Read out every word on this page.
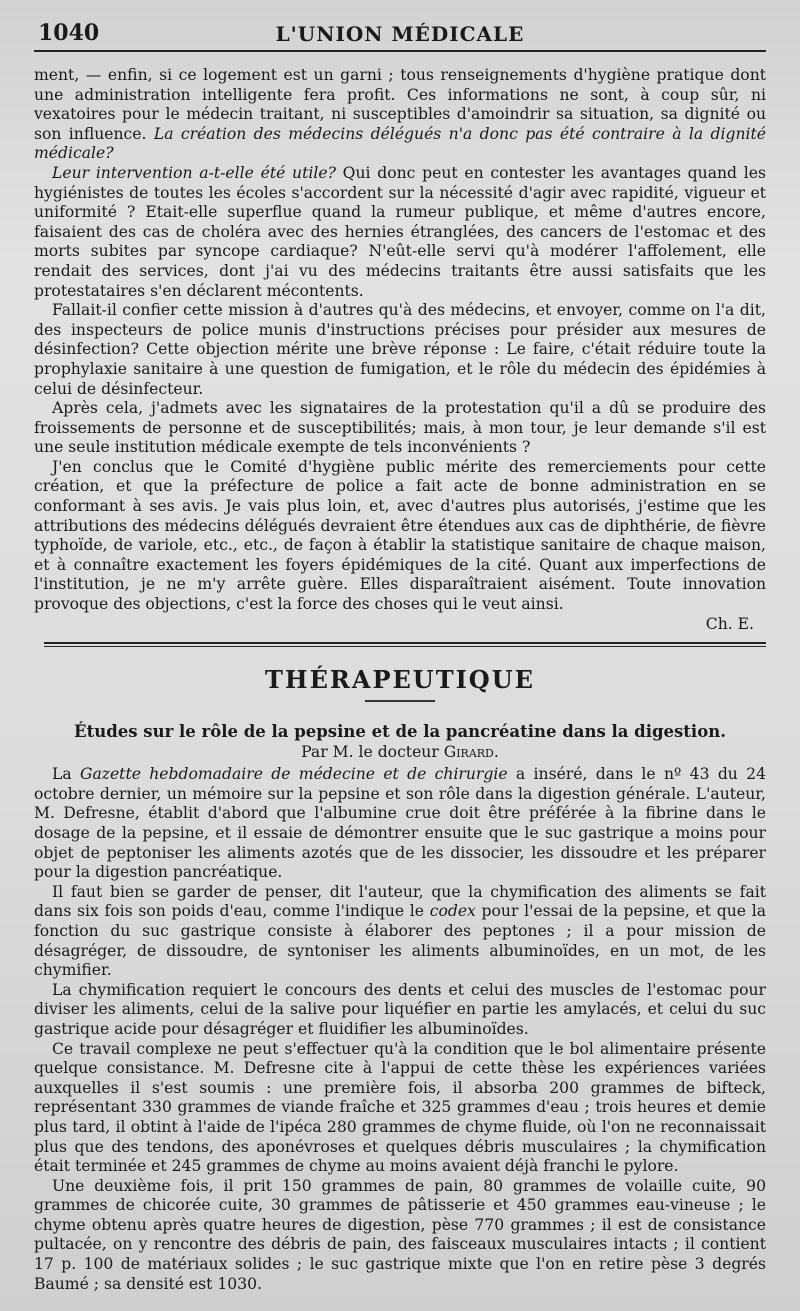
1040	L'UNION MÉDICALE

ment, — enfin, si ce logement est un garni ; tous renseignements d'hygiène pratique dont une administration intelligente fera profit. Ces informations ne sont, à coup sûr, ni vexatoires pour le médecin traitant, ni susceptibles d'amoindrir sa situation, sa dignité ou son influence. La création des médecins délégués n'a donc pas été contraire à la dignité médicale?

Leur intervention a-t-elle été utile? Qui donc peut en contester les avantages quand les hygiénistes de toutes les écoles s'accordent sur la nécessité d'agir avec rapidité, vigueur et uniformité ? Etait-elle superflue quand la rumeur publique, et même d'autres encore, faisaient des cas de choléra avec des hernies étranglées, des cancers de l'estomac et des morts subites par syncope cardiaque? N'eût-elle servi qu'à modérer l'affolement, elle rendait des services, dont j'ai vu des médecins traitants être aussi satisfaits que les protestataires s'en déclarent mécontents.

Fallait-il confier cette mission à d'autres qu'à des médecins, et envoyer, comme on l'a dit, des inspecteurs de police munis d'instructions précises pour présider aux mesures de désinfection? Cette objection mérite une brève réponse : Le faire, c'était réduire toute la prophylaxie sanitaire à une question de fumigation, et le rôle du médecin des épidémies à celui de désinfecteur.

Après cela, j'admets avec les signataires de la protestation qu'il a dû se produire des froissements de personne et de susceptibilités; mais, à mon tour, je leur demande s'il est une seule institution médicale exempte de tels inconvénients ?

J'en conclus que le Comité d'hygiène public mérite des remerciements pour cette création, et que la préfecture de police a fait acte de bonne administration en se conformant à ses avis. Je vais plus loin, et, avec d'autres plus autorisés, j'estime que les attributions des médecins délégués devraient être étendues aux cas de diphthérie, de fièvre typhoïde, de variole, etc., etc., de façon à établir la statistique sanitaire de chaque maison, et à connaître exactement les foyers épidémiques de la cité. Quant aux imperfections de l'institution, je ne m'y arrête guère. Elles disparaîtraient aisément. Toute innovation provoque des objections, c'est la force des choses qui le veut ainsi.

Ch. E.
THÉRAPEUTIQUE
Études sur le rôle de la pepsine et de la pancréatine dans la digestion.
Par M. le docteur Girard.

La Gazette hebdomadaire de médecine et de chirurgie a inséré, dans le nº 43 du 24 octobre dernier, un mémoire sur la pepsine et son rôle dans la digestion générale. L'auteur, M. Defresne, établit d'abord que l'albumine crue doit être préférée à la fibrine dans le dosage de la pepsine, et il essaie de démontrer ensuite que le suc gastrique a moins pour objet de peptoniser les aliments azotés que de les dissocier, les dissoudre et les préparer pour la digestion pancréatique.

Il faut bien se garder de penser, dit l'auteur, que la chymification des aliments se fait dans six fois son poids d'eau, comme l'indique le codex pour l'essai de la pepsine, et que la fonction du suc gastrique consiste à élaborer des peptones ; il a pour mission de désagréger, de dissoudre, de syntoniser les aliments albuminoïdes, en un mot, de les chymifier.

La chymification requiert le concours des dents et celui des muscles de l'estomac pour diviser les aliments, celui de la salive pour liquéfier en partie les amylacés, et celui du suc gastrique acide pour désagréger et fluidifier les albuminoïdes.

Ce travail complexe ne peut s'effectuer qu'à la condition que le bol alimentaire présente quelque consistance. M. Defresne cite à l'appui de cette thèse les expériences variées auxquelles il s'est soumis : une première fois, il absorba 200 grammes de bifteck, représentant 330 grammes de viande fraîche et 325 grammes d'eau ; trois heures et demie plus tard, il obtint à l'aide de l'ipéca 280 grammes de chyme fluide, où l'on ne reconnaissait plus que des tendons, des aponévroses et quelques débris musculaires ; la chymification était terminée et 245 grammes de chyme au moins avaient déjà franchi le pylore.

Une deuxième fois, il prit 150 grammes de pain, 80 grammes de volaille cuite, 90 grammes de chicorée cuite, 30 grammes de pâtisserie et 450 grammes eau-vineuse ; le chyme obtenu après quatre heures de digestion, pèse 770 grammes ; il est de consistance pultacée, on y rencontre des débris de pain, des faisceaux musculaires intacts ; il contient 17 p. 100 de matériaux solides ; le suc gastrique mixte que l'on en retire pèse 3 degrés Baumé ; sa densité est 1030.
